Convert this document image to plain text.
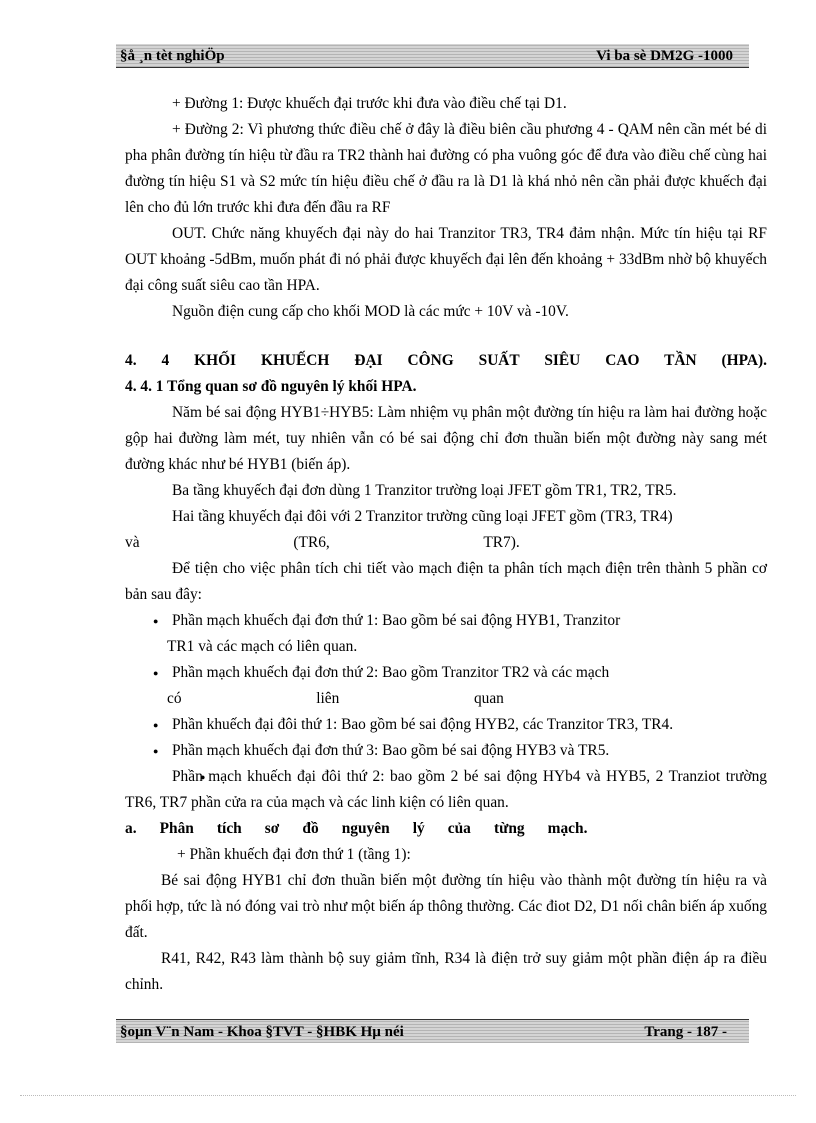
§å ¸n tèt nghiÖp	Vi ba sè DM2G -1000

+ Đường 1: Được khuếch đại trước khi đưa vào điều chế tại D1.

+ Đường 2: Vì phương thức điều chế ở đây là điều biên cầu phương 4 - QAM nên cần mét bé di pha phân đường tín hiệu từ đầu ra TR2 thành hai đường có pha vuông góc để đưa vào điều chế cùng hai đường tín hiệu S1 và S2 mức tín hiệu điều chế ở đầu ra là D1 là khá nhỏ nên cần phải được khuếch đại lên cho đủ lớn trước khi đưa đến đầu ra RF

OUT. Chức năng khuyếch đại này do hai Tranzitor TR3, TR4 đảm nhận. Mức tín hiệu tại RF OUT khoảng -5dBm, muốn phát đi nó phải được khuyếch đại lên đến khoảng + 33dBm nhờ bộ khuyếch đại công suất siêu cao tần HPA.

Nguồn điện cung cấp cho khối MOD là các mức + 10V và -10V.

4. 4 KHỐI KHUẾCH ĐẠI CÔNG SUẤT SIÊU CAO TẦN (HPA).

4. 4. 1 Tổng quan sơ đồ nguyên lý khối HPA.

Năm bé sai động HYB1÷HYB5: Làm nhiệm vụ phân một đường tín hiệu ra làm hai đường hoặc gộp hai đường làm mét, tuy nhiên vẫn có bé sai động chỉ đơn thuần biến một đường này sang mét đường khác như bé HYB1 (biến áp).

Ba tầng khuyếch đại đơn dùng 1 Tranzitor trường loại JFET gồm TR1, TR2, TR5.

Hai tầng khuyếch đại đôi với 2 Tranzitor trường cũng loại JFET gồm (TR3, TR4)

và                                        (TR6,                                        TR7).

Để tiện cho việc phân tích chi tiết vào mạch điện ta phân tích mạch điện trên thành 5 phần cơ bản sau đây:

● Phần mạch khuếch đại đơn thứ 1: Bao gồm bé sai động HYB1, Tranzitor

TR1 và các mạch có liên quan.

● Phần mạch khuếch đại đơn thứ 2: Bao gồm Tranzitor TR2 và các mạch

có                                   liên                                   quan

● Phần khuếch đại đôi thứ 1: Bao gồm bé sai động HYB2, các Tranzitor TR3, TR4.

● Phần mạch khuếch đại đơn thứ 3: Bao gồm bé sai động HYB3 và TR5.

● Phần mạch khuếch đại đôi thứ 2: bao gồm 2 bé sai động HYb4 và HYB5, 2 Tranziot trường TR6, TR7 phần cửa ra của mạch và các linh kiện có liên quan.

a.      Phân      tích      sơ      đồ      nguyên      lý      của      từng      mạch.

+ Phần khuếch đại đơn thứ 1 (tầng 1):

Bé sai động HYB1 chỉ đơn thuần biến một đường tín hiệu vào thành một đường tín hiệu ra và phối hợp, tức là nó đóng vai trò như một biến áp thông thường. Các điot D2, D1 nối chân biến áp xuống đất.

R41, R42, R43 làm thành bộ suy giảm tĩnh, R34 là điện trở suy giảm một phần điện áp ra điều chỉnh.

§oµn V¨n Nam - Khoa §TVT - §HBK Hµ néi	Trang - 187 -
